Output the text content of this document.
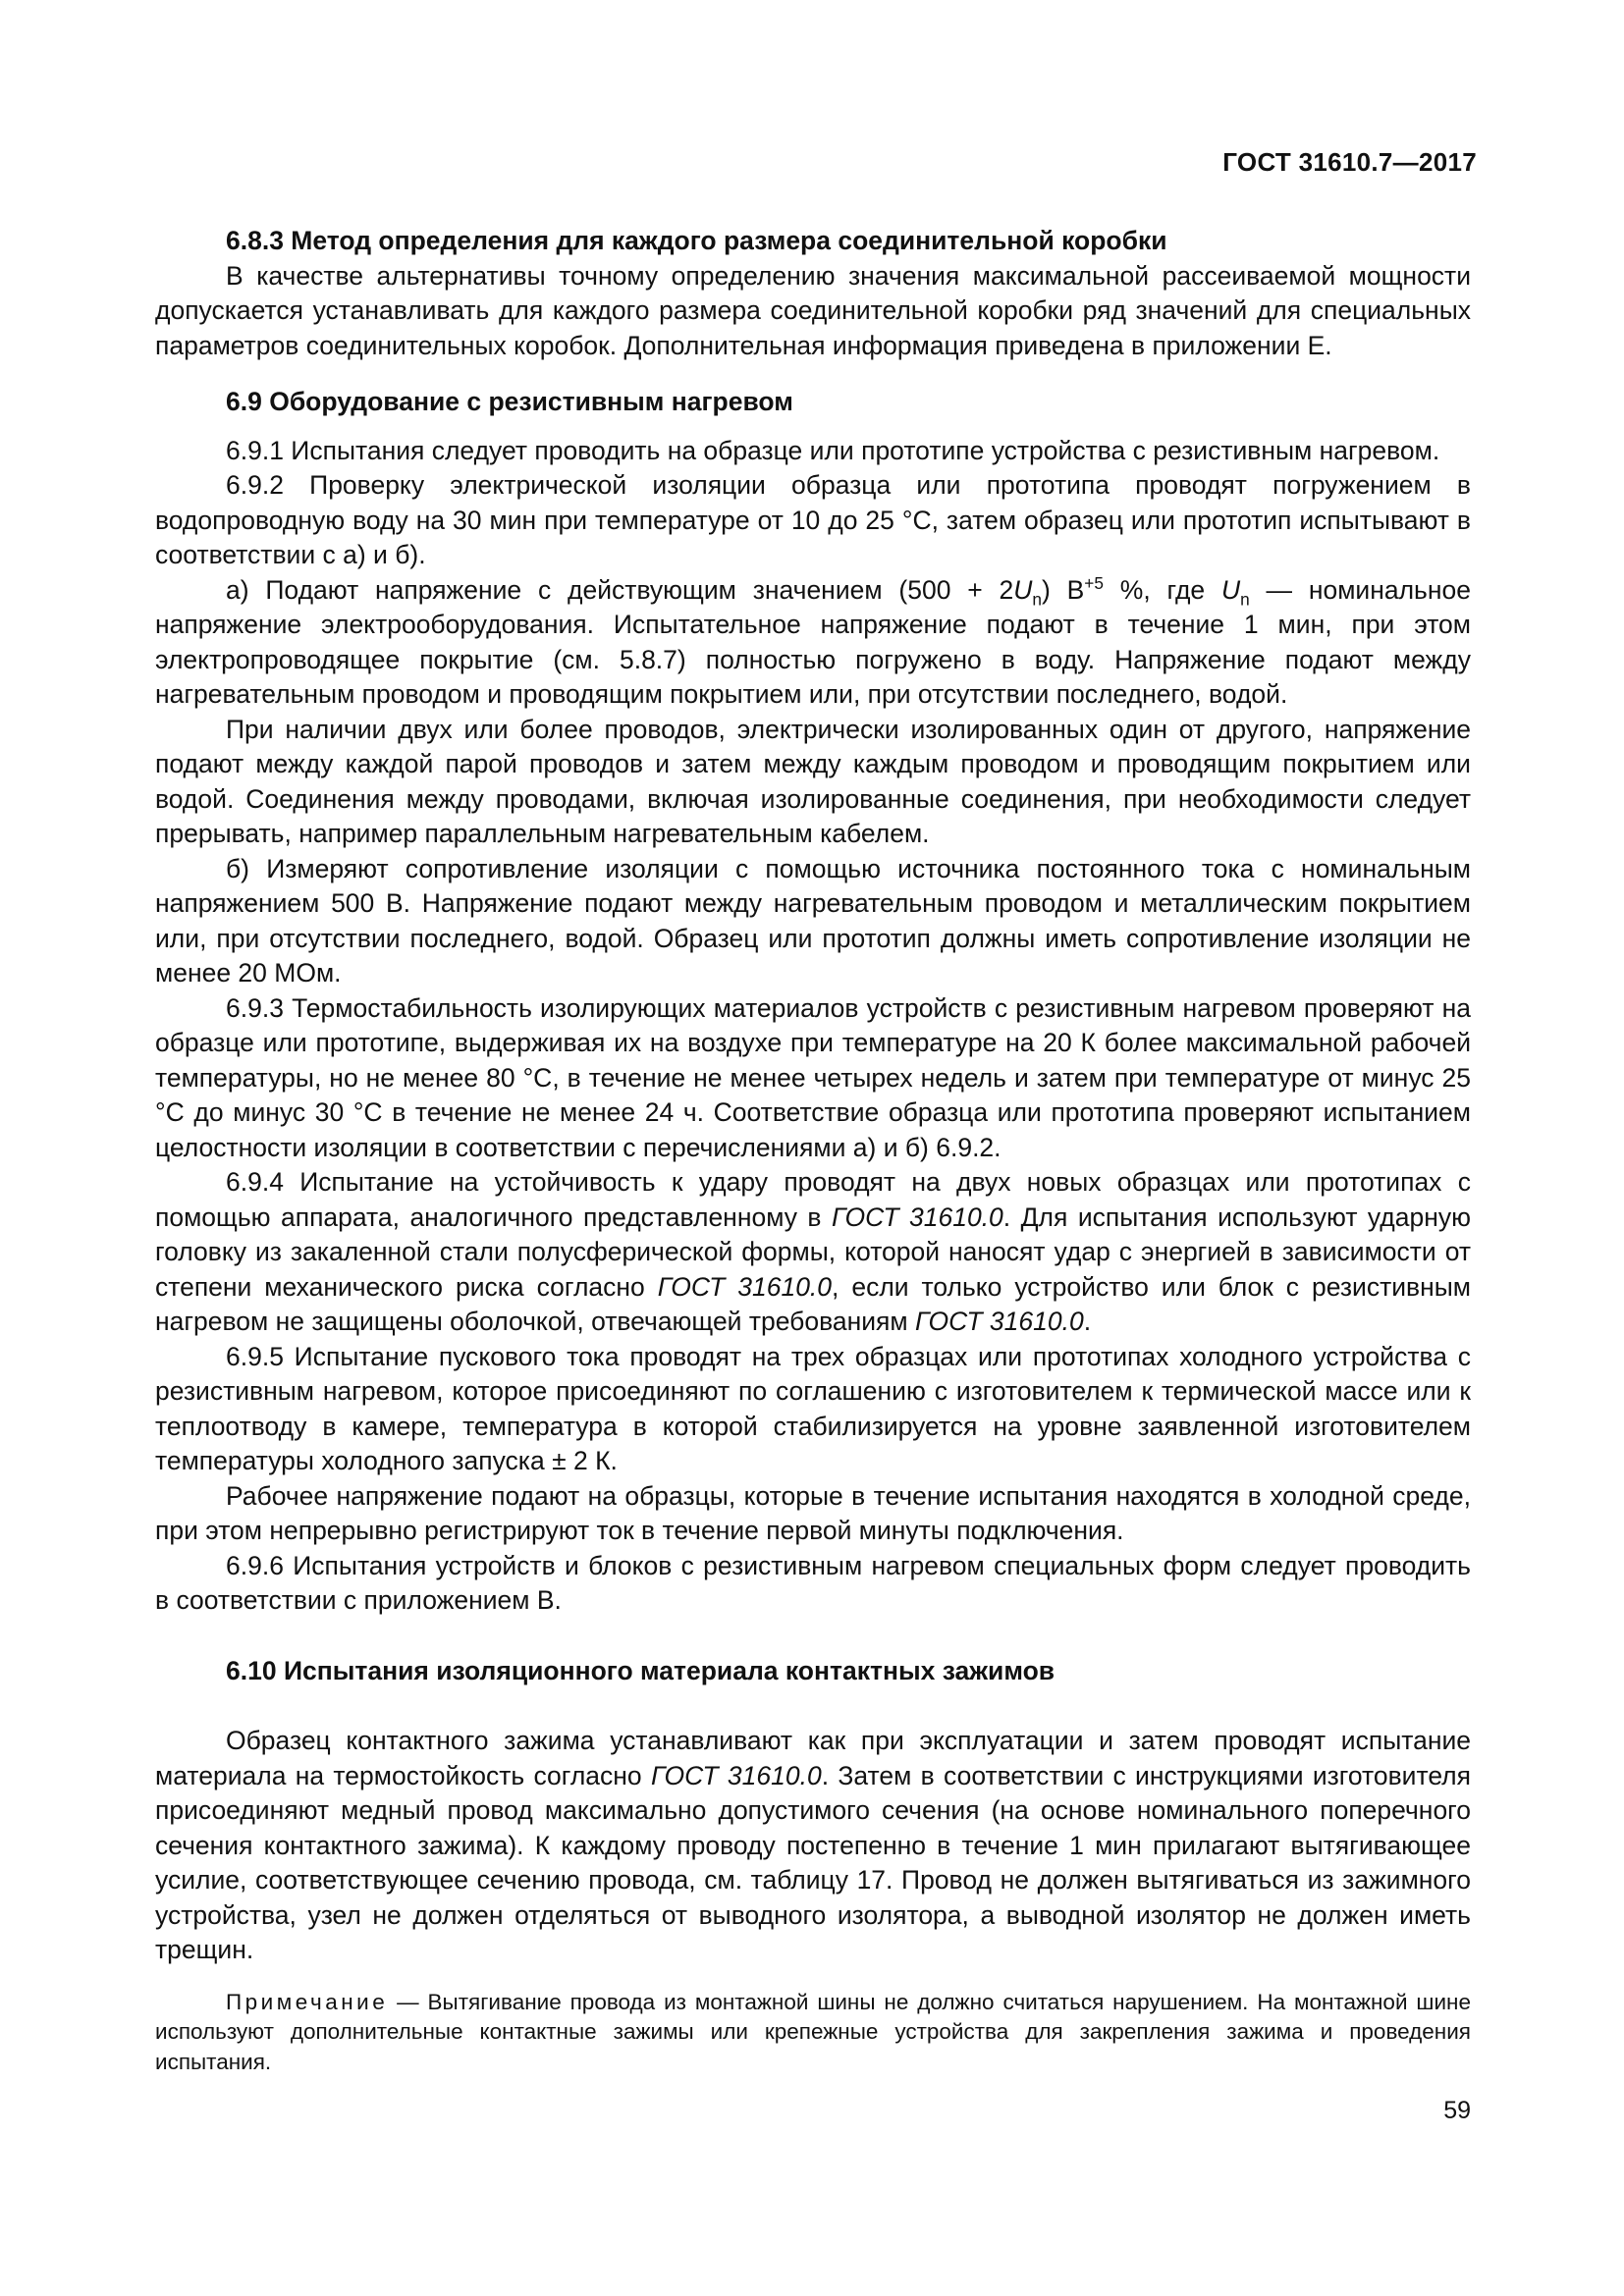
ГОСТ 31610.7—2017
6.8.3 Метод определения для каждого размера соединительной коробки

В качестве альтернативы точному определению значения максимальной рассеиваемой мощности допускается устанавливать для каждого размера соединительной коробки ряд значений для специальных параметров соединительных коробок. Дополнительная информация приведена в приложении Е.

6.9 Оборудование с резистивным нагревом

6.9.1 Испытания следует проводить на образце или прототипе устройства с резистивным нагревом.

6.9.2 Проверку электрической изоляции образца или прототипа проводят погружением в водопроводную воду на 30 мин при температуре от 10 до 25 °С, затем образец или прототип испытывают в соответствии с а) и б).

а) Подают напряжение с действующим значением $(500 + 2U_n)$ $В^{+5}$ %, где $U_n$ — номинальное напряжение электрооборудования. Испытательное напряжение подают в течение 1 мин, при этом электропроводящее покрытие (см. 5.8.7) полностью погружено в воду. Напряжение подают между нагревательным проводом и проводящим покрытием или, при отсутствии последнего, водой.

При наличии двух или более проводов, электрически изолированных один от другого, напряжение подают между каждой парой проводов и затем между каждым проводом и проводящим покрытием или водой. Соединения между проводами, включая изолированные соединения, при необходимости следует прерывать, например параллельным нагревательным кабелем.

б) Измеряют сопротивление изоляции с помощью источника постоянного тока с номинальным напряжением 500 В. Напряжение подают между нагревательным проводом и металлическим покрытием или, при отсутствии последнего, водой. Образец или прототип должны иметь сопротивление изоляции не менее 20 МОм.

6.9.3 Термостабильность изолирующих материалов устройств с резистивным нагревом проверяют на образце или прототипе, выдерживая их на воздухе при температуре на 20 К более максимальной рабочей температуры, но не менее 80 °С, в течение не менее четырех недель и затем при температуре от минус 25 °С до минус 30 °С в течение не менее 24 ч. Соответствие образца или прототипа проверяют испытанием целостности изоляции в соответствии с перечислениями а) и б) 6.9.2.

6.9.4 Испытание на устойчивость к удару проводят на двух новых образцах или прототипах с помощью аппарата, аналогичного представленному в ГОСТ 31610.0. Для испытания используют ударную головку из закаленной стали полусферической формы, которой наносят удар с энергией в зависимости от степени механического риска согласно ГОСТ 31610.0, если только устройство или блок с резистивным нагревом не защищены оболочкой, отвечающей требованиям ГОСТ 31610.0.

6.9.5 Испытание пускового тока проводят на трех образцах или прототипах холодного устройства с резистивным нагревом, которое присоединяют по соглашению с изготовителем к термической массе или к теплоотводу в камере, температура в которой стабилизируется на уровне заявленной изготовителем температуры холодного запуска ± 2 К.

Рабочее напряжение подают на образцы, которые в течение испытания находятся в холодной среде, при этом непрерывно регистрируют ток в течение первой минуты подключения.

6.9.6 Испытания устройств и блоков с резистивным нагревом специальных форм следует проводить в соответствии с приложением В.

6.10 Испытания изоляционного материала контактных зажимов

Образец контактного зажима устанавливают как при эксплуатации и затем проводят испытание материала на термостойкость согласно ГОСТ 31610.0. Затем в соответствии с инструкциями изготовителя присоединяют медный провод максимально допустимого сечения (на основе номинального поперечного сечения контактного зажима). К каждому проводу постепенно в течение 1 мин прилагают вытягивающее усилие, соответствующее сечению провода, см. таблицу 17. Провод не должен вытягиваться из зажимного устройства, узел не должен отделяться от выводного изолятора, а выводной изолятор не должен иметь трещин.

Примечание — Вытягивание провода из монтажной шины не должно считаться нарушением. На монтажной шине используют дополнительные контактные зажимы или крепежные устройства для закрепления зажима и проведения испытания.

59
